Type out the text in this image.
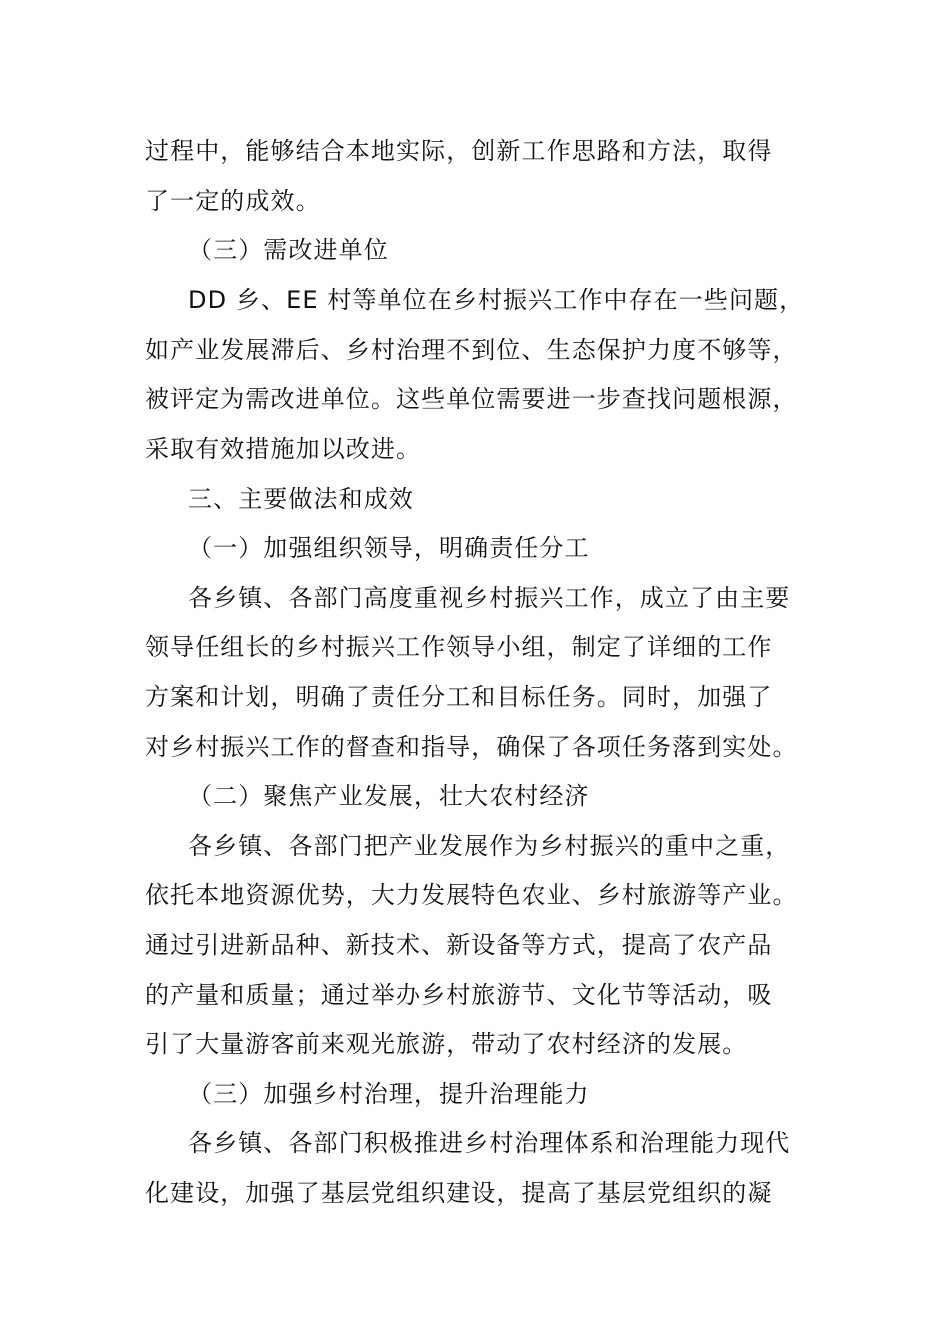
过程中，能够结合本地实际，创新工作思路和方法，取得
了一定的成效。
（三）需改进单位
DD 乡、EE 村等单位在乡村振兴工作中存在一些问题，
如产业发展滞后、乡村治理不到位、生态保护力度不够等，
被评定为需改进单位。这些单位需要进一步查找问题根源，
采取有效措施加以改进。
三、主要做法和成效
（一）加强组织领导，明确责任分工
各乡镇、各部门高度重视乡村振兴工作，成立了由主要
领导任组长的乡村振兴工作领导小组，制定了详细的工作
方案和计划，明确了责任分工和目标任务。同时，加强了
对乡村振兴工作的督查和指导，确保了各项任务落到实处。
（二）聚焦产业发展，壮大农村经济
各乡镇、各部门把产业发展作为乡村振兴的重中之重，
依托本地资源优势，大力发展特色农业、乡村旅游等产业。
通过引进新品种、新技术、新设备等方式，提高了农产品
的产量和质量；通过举办乡村旅游节、文化节等活动，吸
引了大量游客前来观光旅游，带动了农村经济的发展。
（三）加强乡村治理，提升治理能力
各乡镇、各部门积极推进乡村治理体系和治理能力现代
化建设，加强了基层党组织建设，提高了基层党组织的凝
